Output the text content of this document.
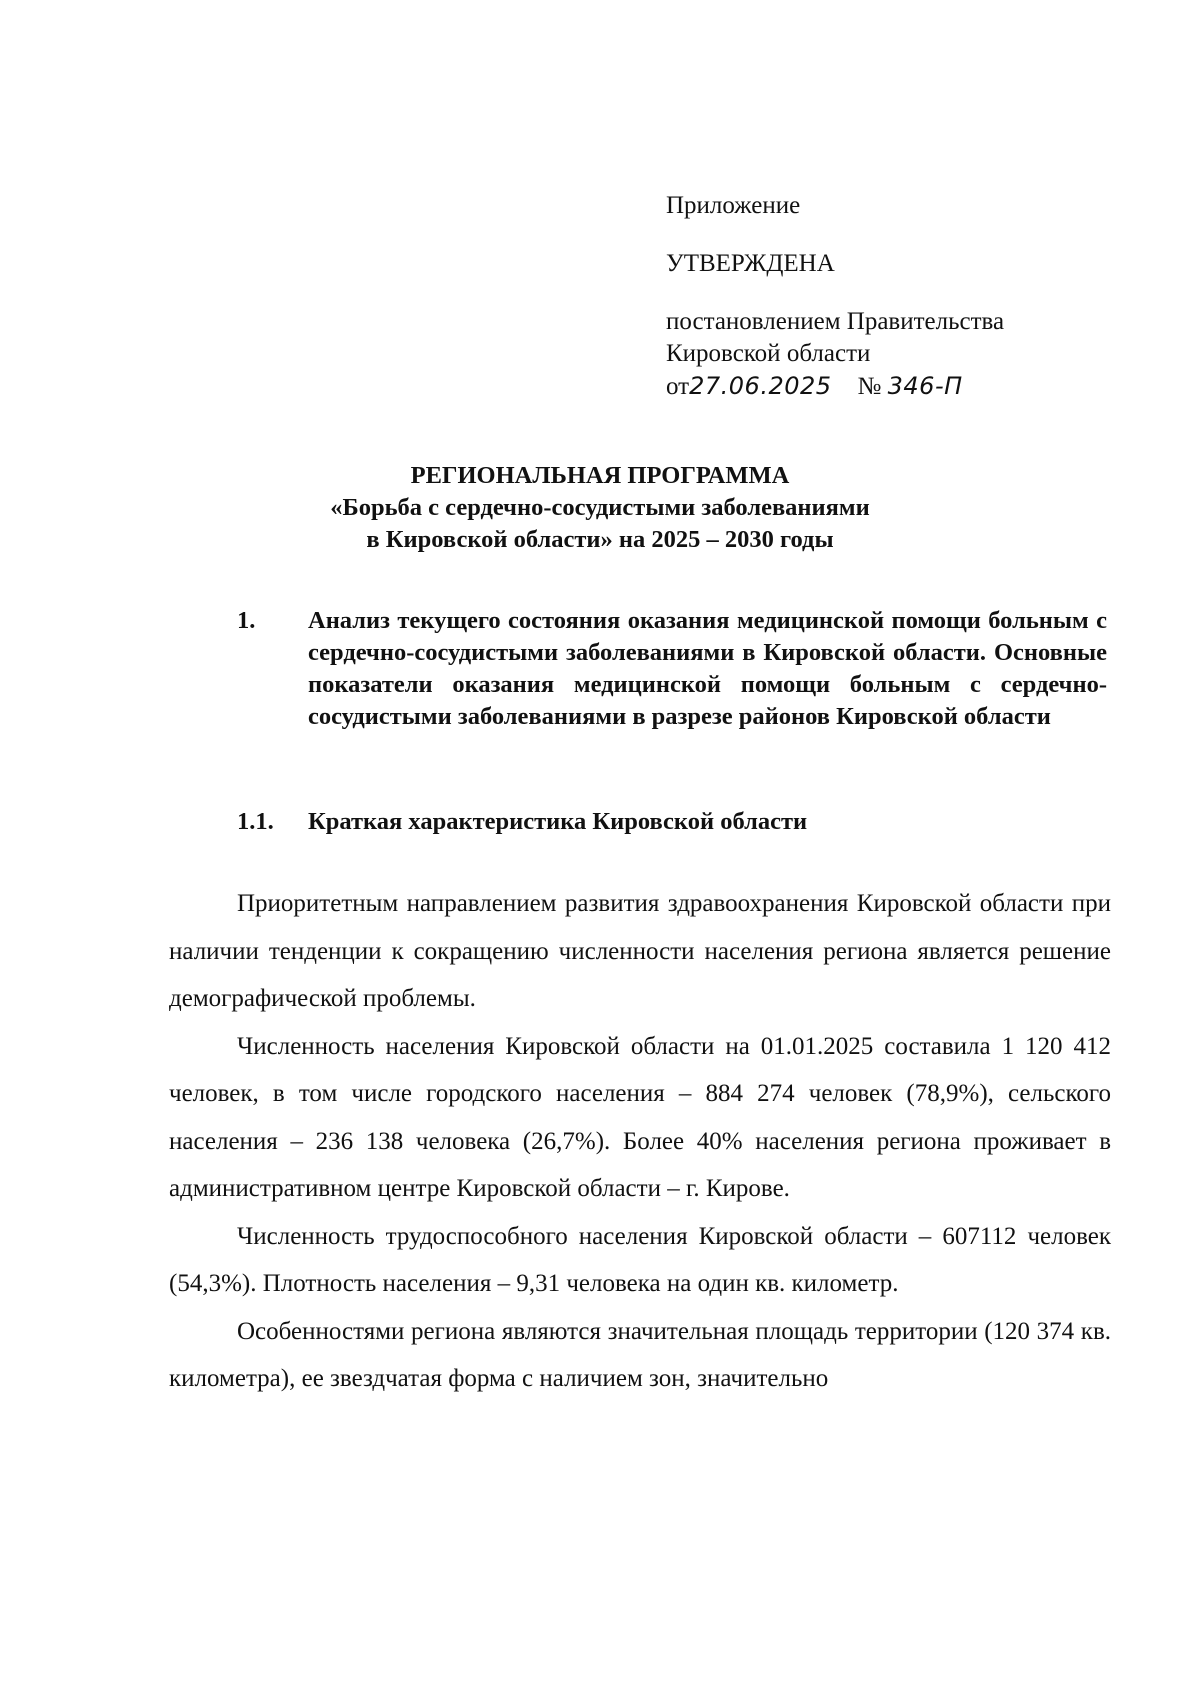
Приложение
УТВЕРЖДЕНА
постановлением Правительства
Кировской области
от27.06.2025 № 346-П
РЕГИОНАЛЬНАЯ ПРОГРАММА
«Борьба с сердечно-сосудистыми заболеваниями
в Кировской области» на 2025 – 2030 годы
1. Анализ текущего состояния оказания медицинской помощи больным с сердечно-сосудистыми заболеваниями в Кировской области. Основные показатели оказания медицинской помощи больным с сердечно-сосудистыми заболеваниями в разрезе районов Кировской области
1.1. Краткая характеристика Кировской области

Приоритетным направлением развития здравоохранения Кировской области при наличии тенденции к сокращению численности населения региона является решение демографической проблемы.

Численность населения Кировской области на 01.01.2025 составила 1 120 412 человек, в том числе городского населения – 884 274 человек (78,9%), сельского населения – 236 138 человека (26,7%). Более 40% населения региона проживает в административном центре Кировской области – г. Кирове.

Численность трудоспособного населения Кировской области – 607112 человек (54,3%). Плотность населения – 9,31 человека на один кв. километр.

Особенностями региона являются значительная площадь территории (120 374 кв. километра), ее звездчатая форма с наличием зон, значительно
